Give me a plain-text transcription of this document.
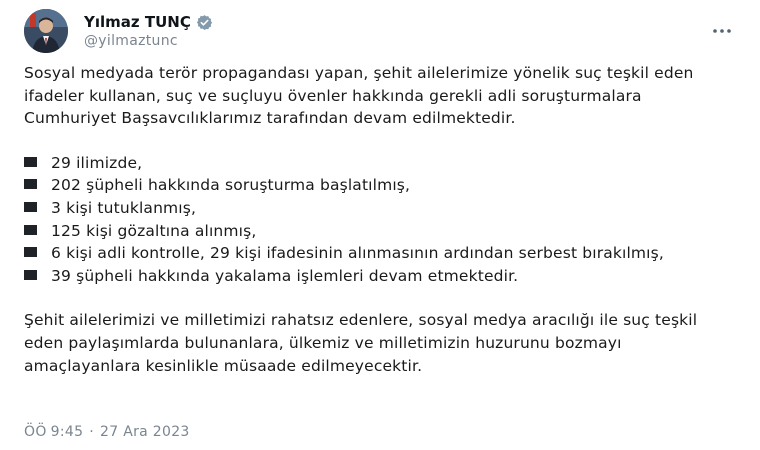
Yılmaz TUNÇ
@yilmaztunc

Sosyal medyada terör propagandası yapan, şehit ailelerimize yönelik suç teşkil eden ifadeler kullanan, suç ve suçluyu övenler hakkında gerekli adli soruşturmalara Cumhuriyet Başsavcılıklarımız tarafından devam edilmektedir.

29 ilimizde,
202 şüpheli hakkında soruşturma başlatılmış,
3 kişi tutuklanmış,
125 kişi gözaltına alınmış,
6 kişi adli kontrolle, 29 kişi ifadesinin alınmasının ardından serbest bırakılmış,
39 şüpheli hakkında yakalama işlemleri devam etmektedir.

Şehit ailelerimizi ve milletimizi rahatsız edenlere, sosyal medya aracılığı ile suç teşkil eden paylaşımlarda bulunanlara, ülkemiz ve milletimizin huzurunu bozmayı amaçlayanlara kesinlikle müsaade edilmeyecektir.

ÖÖ 9:45 · 27 Ara 2023
